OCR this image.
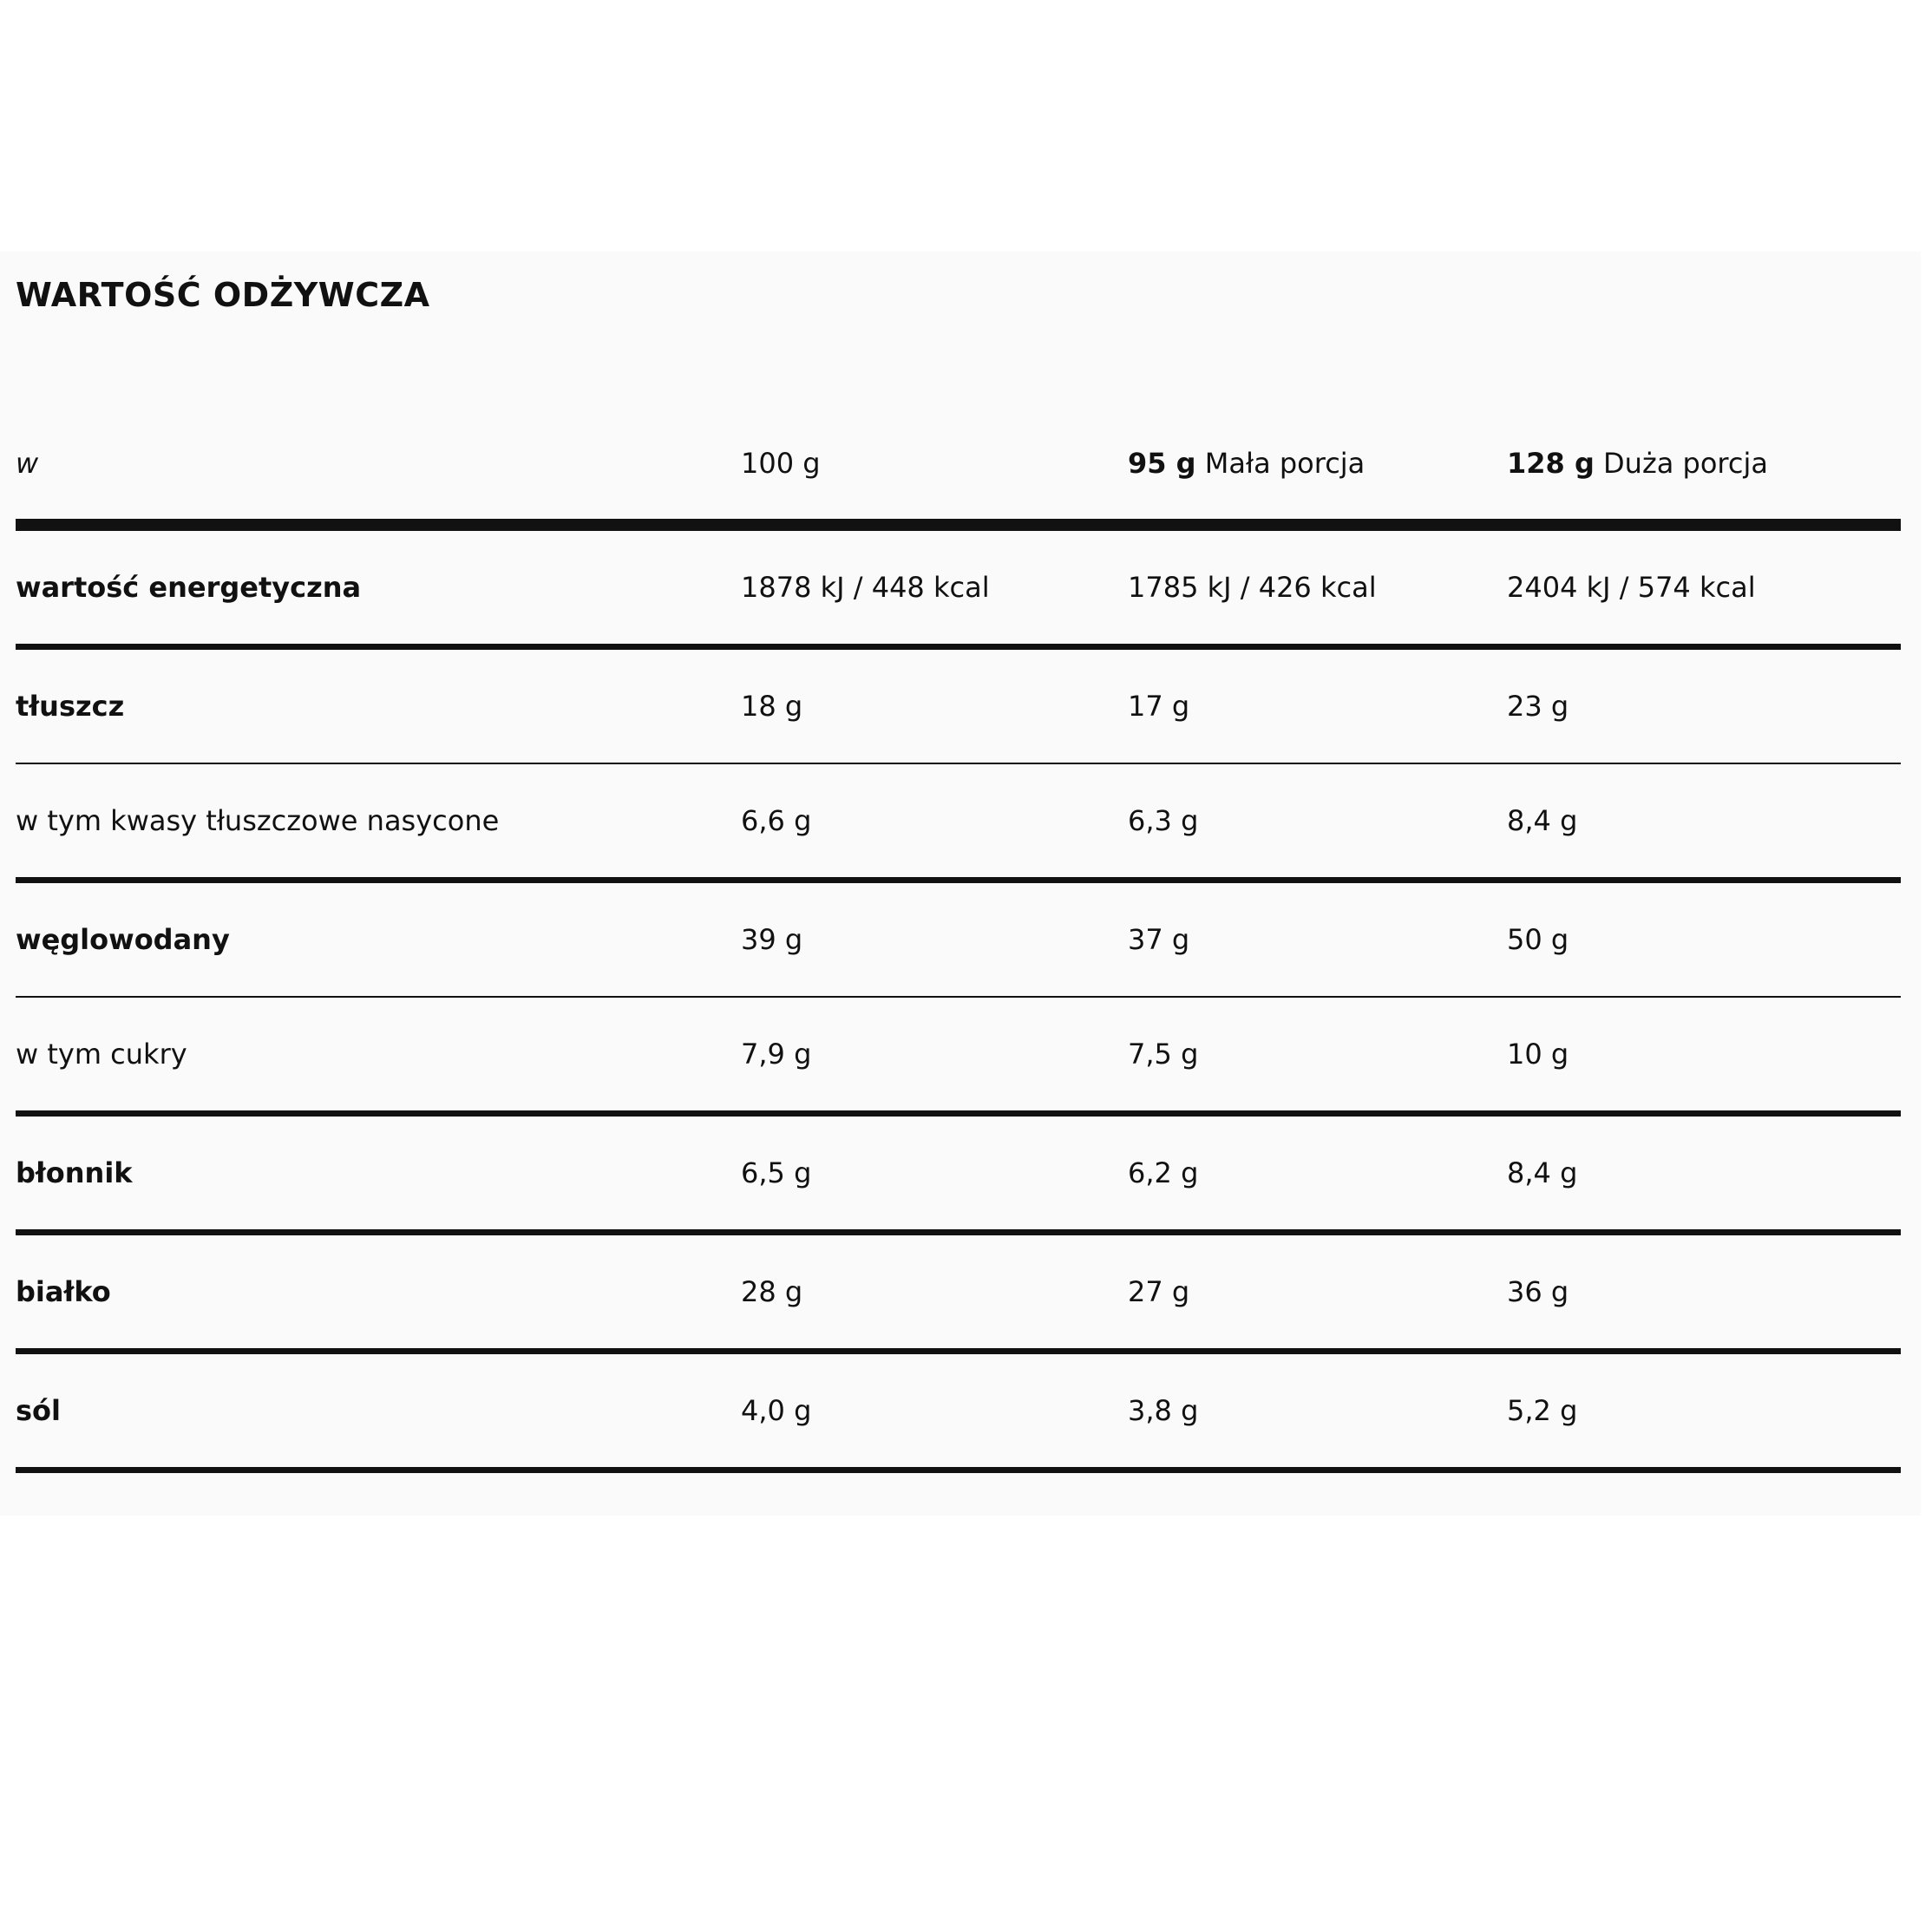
WARTOŚĆ ODŻYWCZA
w	100 g	95 g Mała porcja	128 g Duża porcja
wartość energetyczna	1878 kJ / 448 kcal	1785 kJ / 426 kcal	2404 kJ / 574 kcal
tłuszcz	18 g	17 g	23 g
w tym kwasy tłuszczowe nasycone	6,6 g	6,3 g	8,4 g
węglowodany	39 g	37 g	50 g
w tym cukry	7,9 g	7,5 g	10 g
błonnik	6,5 g	6,2 g	8,4 g
białko	28 g	27 g	36 g
sól	4,0 g	3,8 g	5,2 g
